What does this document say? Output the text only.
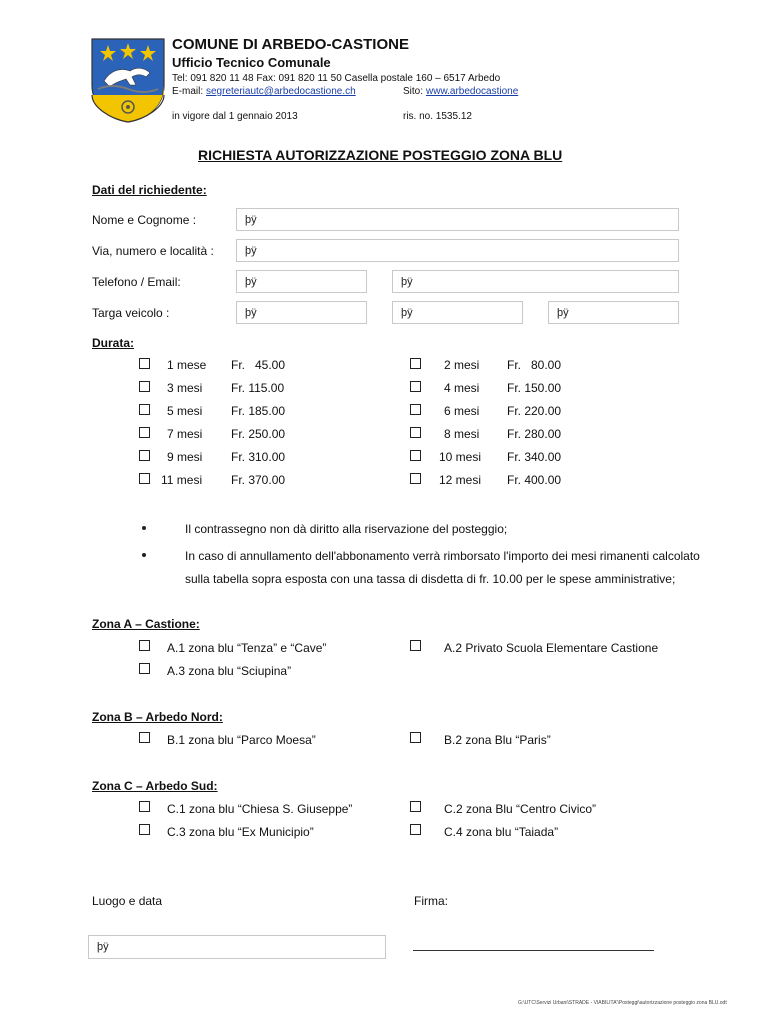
COMUNE DI ARBEDO-CASTIONE
Ufficio Tecnico Comunale
Tel: 091 820 11 48 Fax: 091 820 11 50 Casella postale 160 – 6517 Arbedo
E-mail: segreteriautc@arbedocastione.ch	Sito: www.arbedocastione
in vigore dal 1 gennaio 2013	ris. no. 1535.12
RICHIESTA AUTORIZZAZIONE POSTEGGIO ZONA BLU
Dati del richiedente:
Nome e Cognome :	þÿ
Via, numero e località :	þÿ
Telefono / Email:	þÿ	þÿ
Targa veicolo :	þÿ	þÿ	þÿ
Durata:
1 mese Fr.   45.00	2 mesi Fr.   80.00
3 mesi Fr. 115.00	4 mesi Fr. 150.00
5 mesi Fr. 185.00	6 mesi Fr. 220.00
7 mesi Fr. 250.00	8 mesi Fr. 280.00
9 mesi Fr. 310.00	10 mesi Fr. 340.00
11 mesi Fr. 370.00	12 mesi Fr. 400.00
Il contrassegno non dà diritto alla riservazione del posteggio;
In caso di annullamento dell'abbonamento verrà rimborsato l'importo dei mesi rimanenti calcolato
sulla tabella sopra esposta con una tassa di disdetta di fr. 10.00 per le spese amministrative;
Zona A – Castione:
A.1 zona blu “Tenza” e “Cave”	A.2 Privato Scuola Elementare Castione
A.3 zona blu “Sciupina”
Zona B – Arbedo Nord:
B.1 zona blu “Parco Moesa”	B.2 zona Blu “Paris”
Zona C – Arbedo Sud:
C.1 zona blu “Chiesa S. Giuseppe”	C.2 zona Blu “Centro Civico”
C.3 zona blu “Ex Municipio”	C.4 zona blu “Taiada”
Luogo e data	Firma:
þÿ
G:\UTC\Servizi Urbani\STRADE - VIABILITA'\Posteggi\autorizzazione posteggio zona BLU.odt
